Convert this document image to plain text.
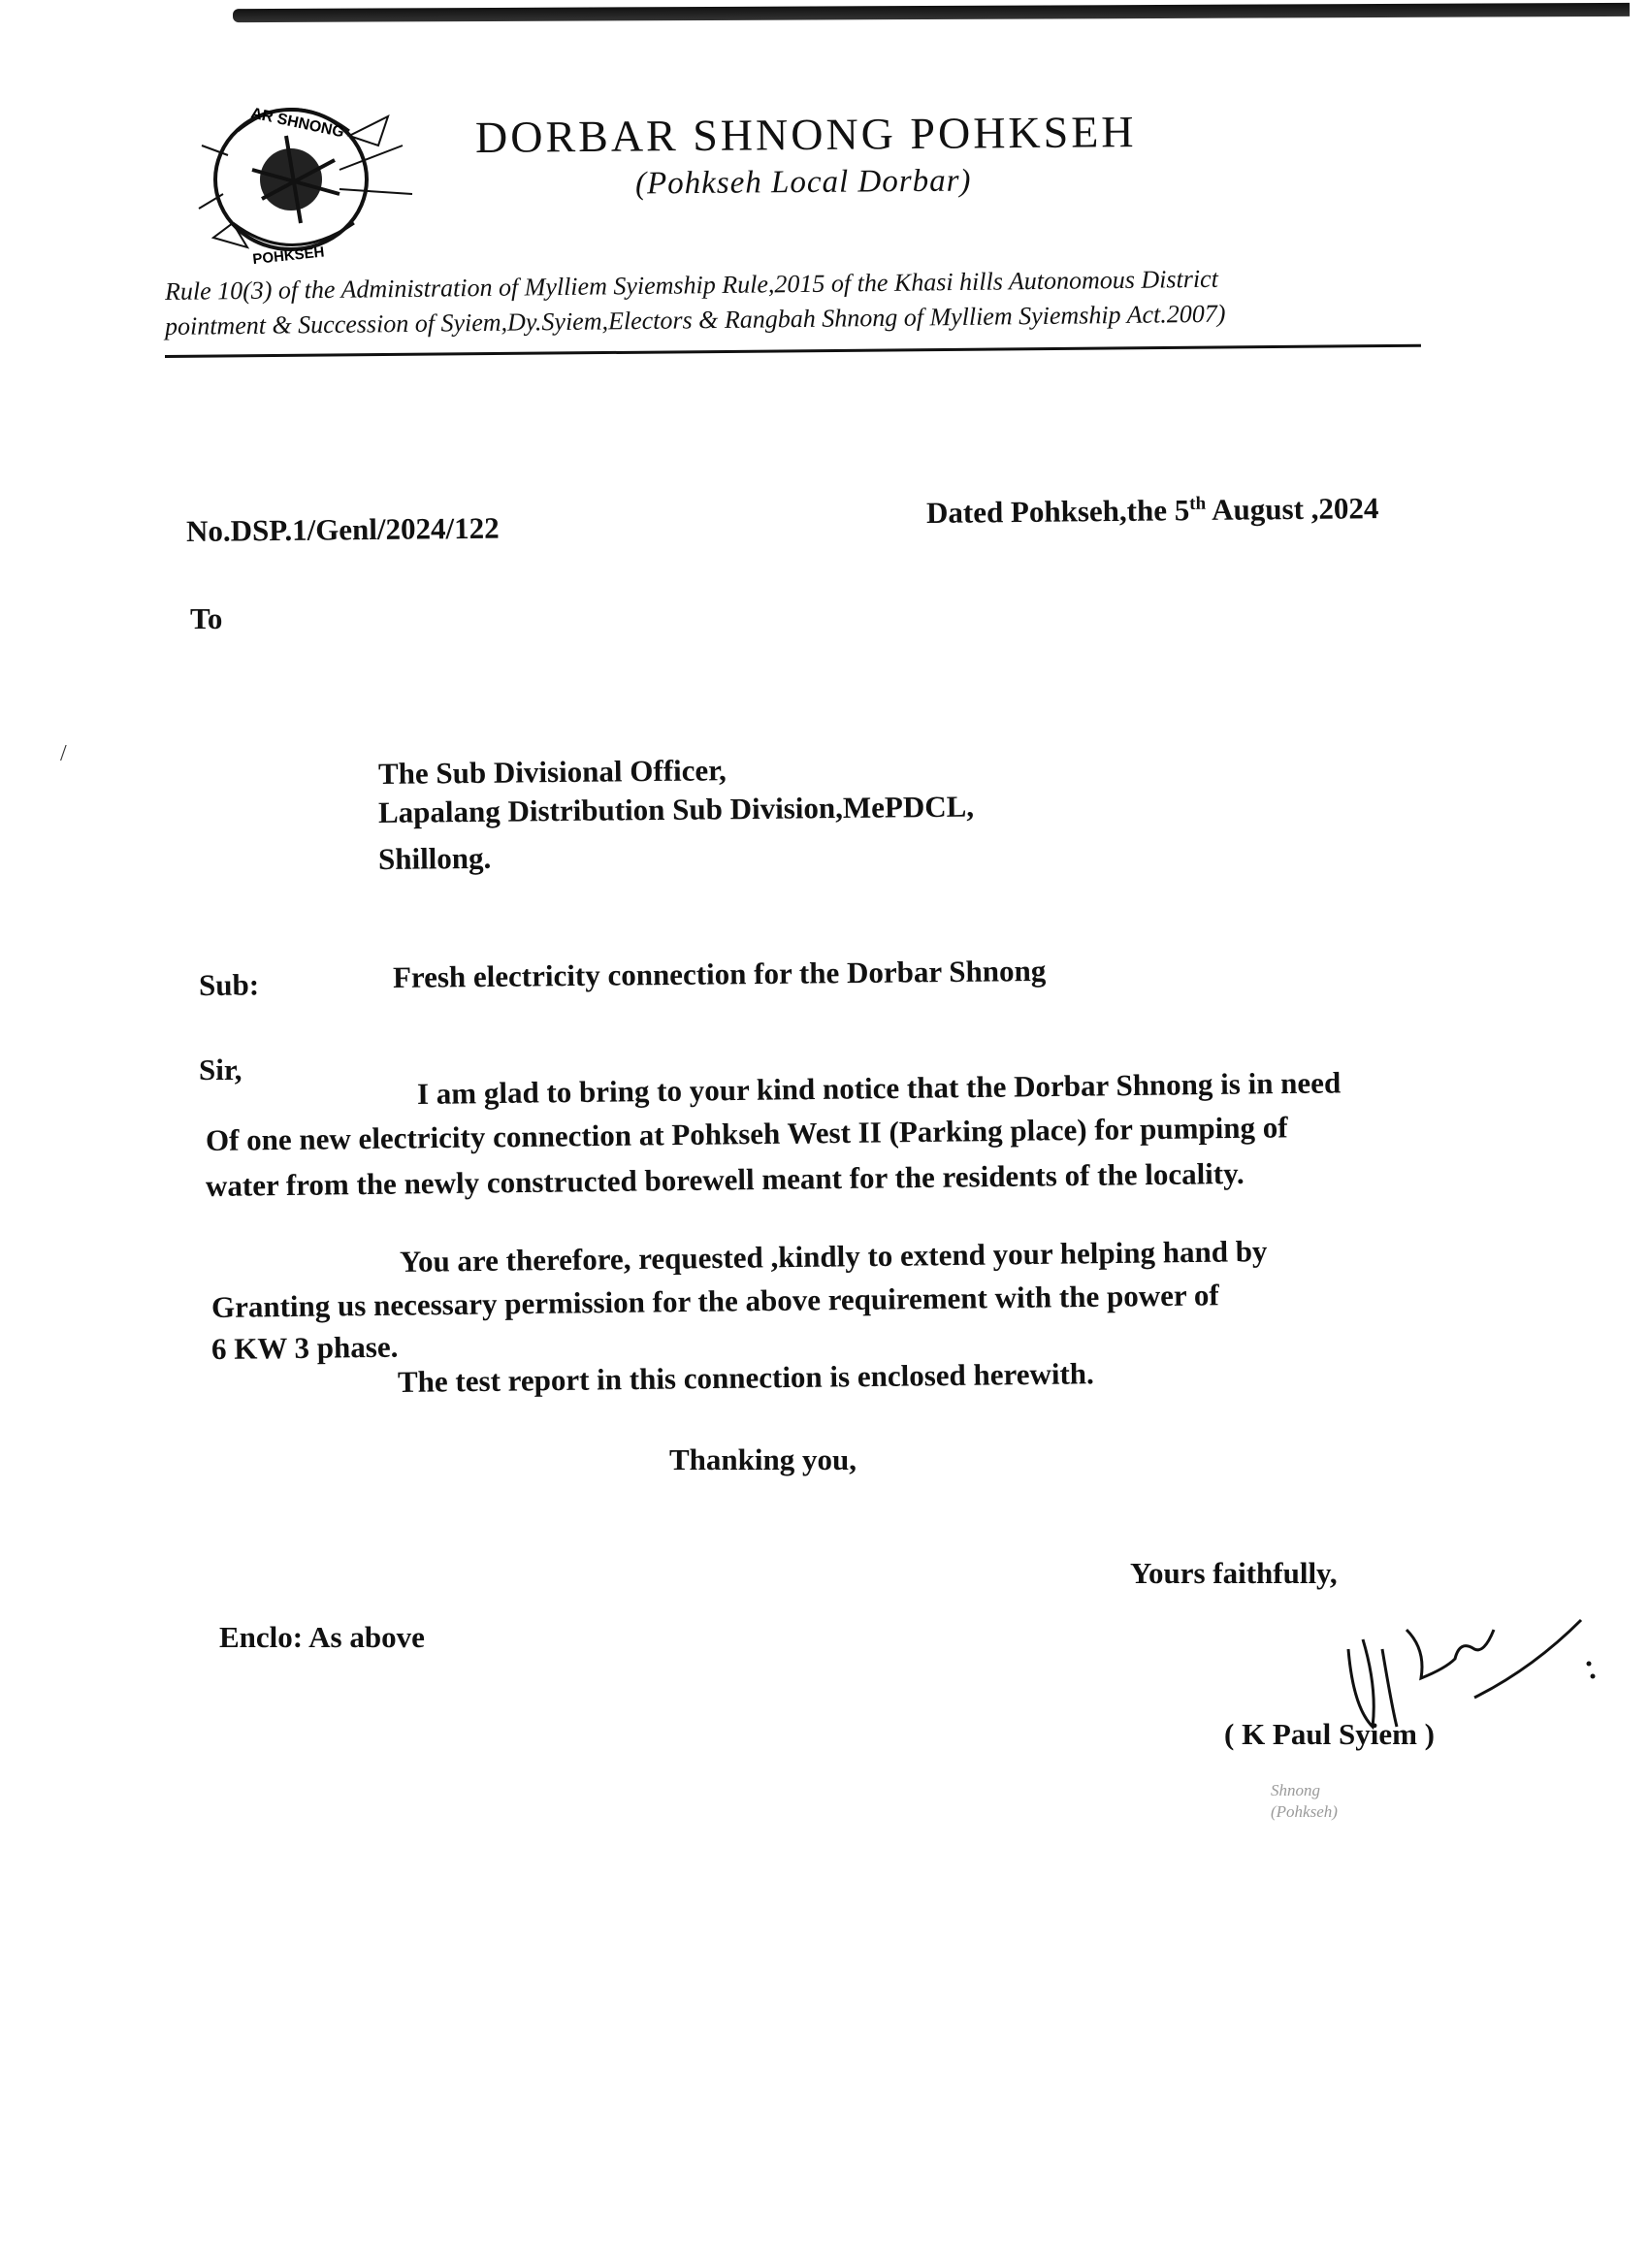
AR SHNONG
POHKSEH
DORBAR SHNONG POHKSEH
(Pohkseh Local Dorbar)
Rule 10(3) of the Administration of Mylliem Syiemship Rule,2015 of the Khasi hills Autonomous District
pointment & Succession of Syiem,Dy.Syiem,Electors & Rangbah Shnong of Mylliem Syiemship Act.2007)
No.DSP.1/Genl/2024/122	Dated Pohkseh,the 5th August ,2024
To
/	The Sub Divisional Officer,
Lapalang Distribution Sub Division,MePDCL,
Shillong.
Sub:	Fresh electricity connection for the Dorbar Shnong
Sir,	I am glad to bring to your kind notice that the Dorbar Shnong is in need
Of one new electricity connection at Pohkseh West II (Parking place) for pumping of
water from the newly constructed borewell meant for the residents of the locality.
You are therefore, requested ,kindly to extend your helping hand by
Granting us necessary permission for the above requirement with the power of
6 KW 3 phase.
The test report in this connection is enclosed herewith.
Thanking you,
Yours faithfully,
Enclo: As above
( K Paul Syiem )
Shnong
(Pohkseh)
